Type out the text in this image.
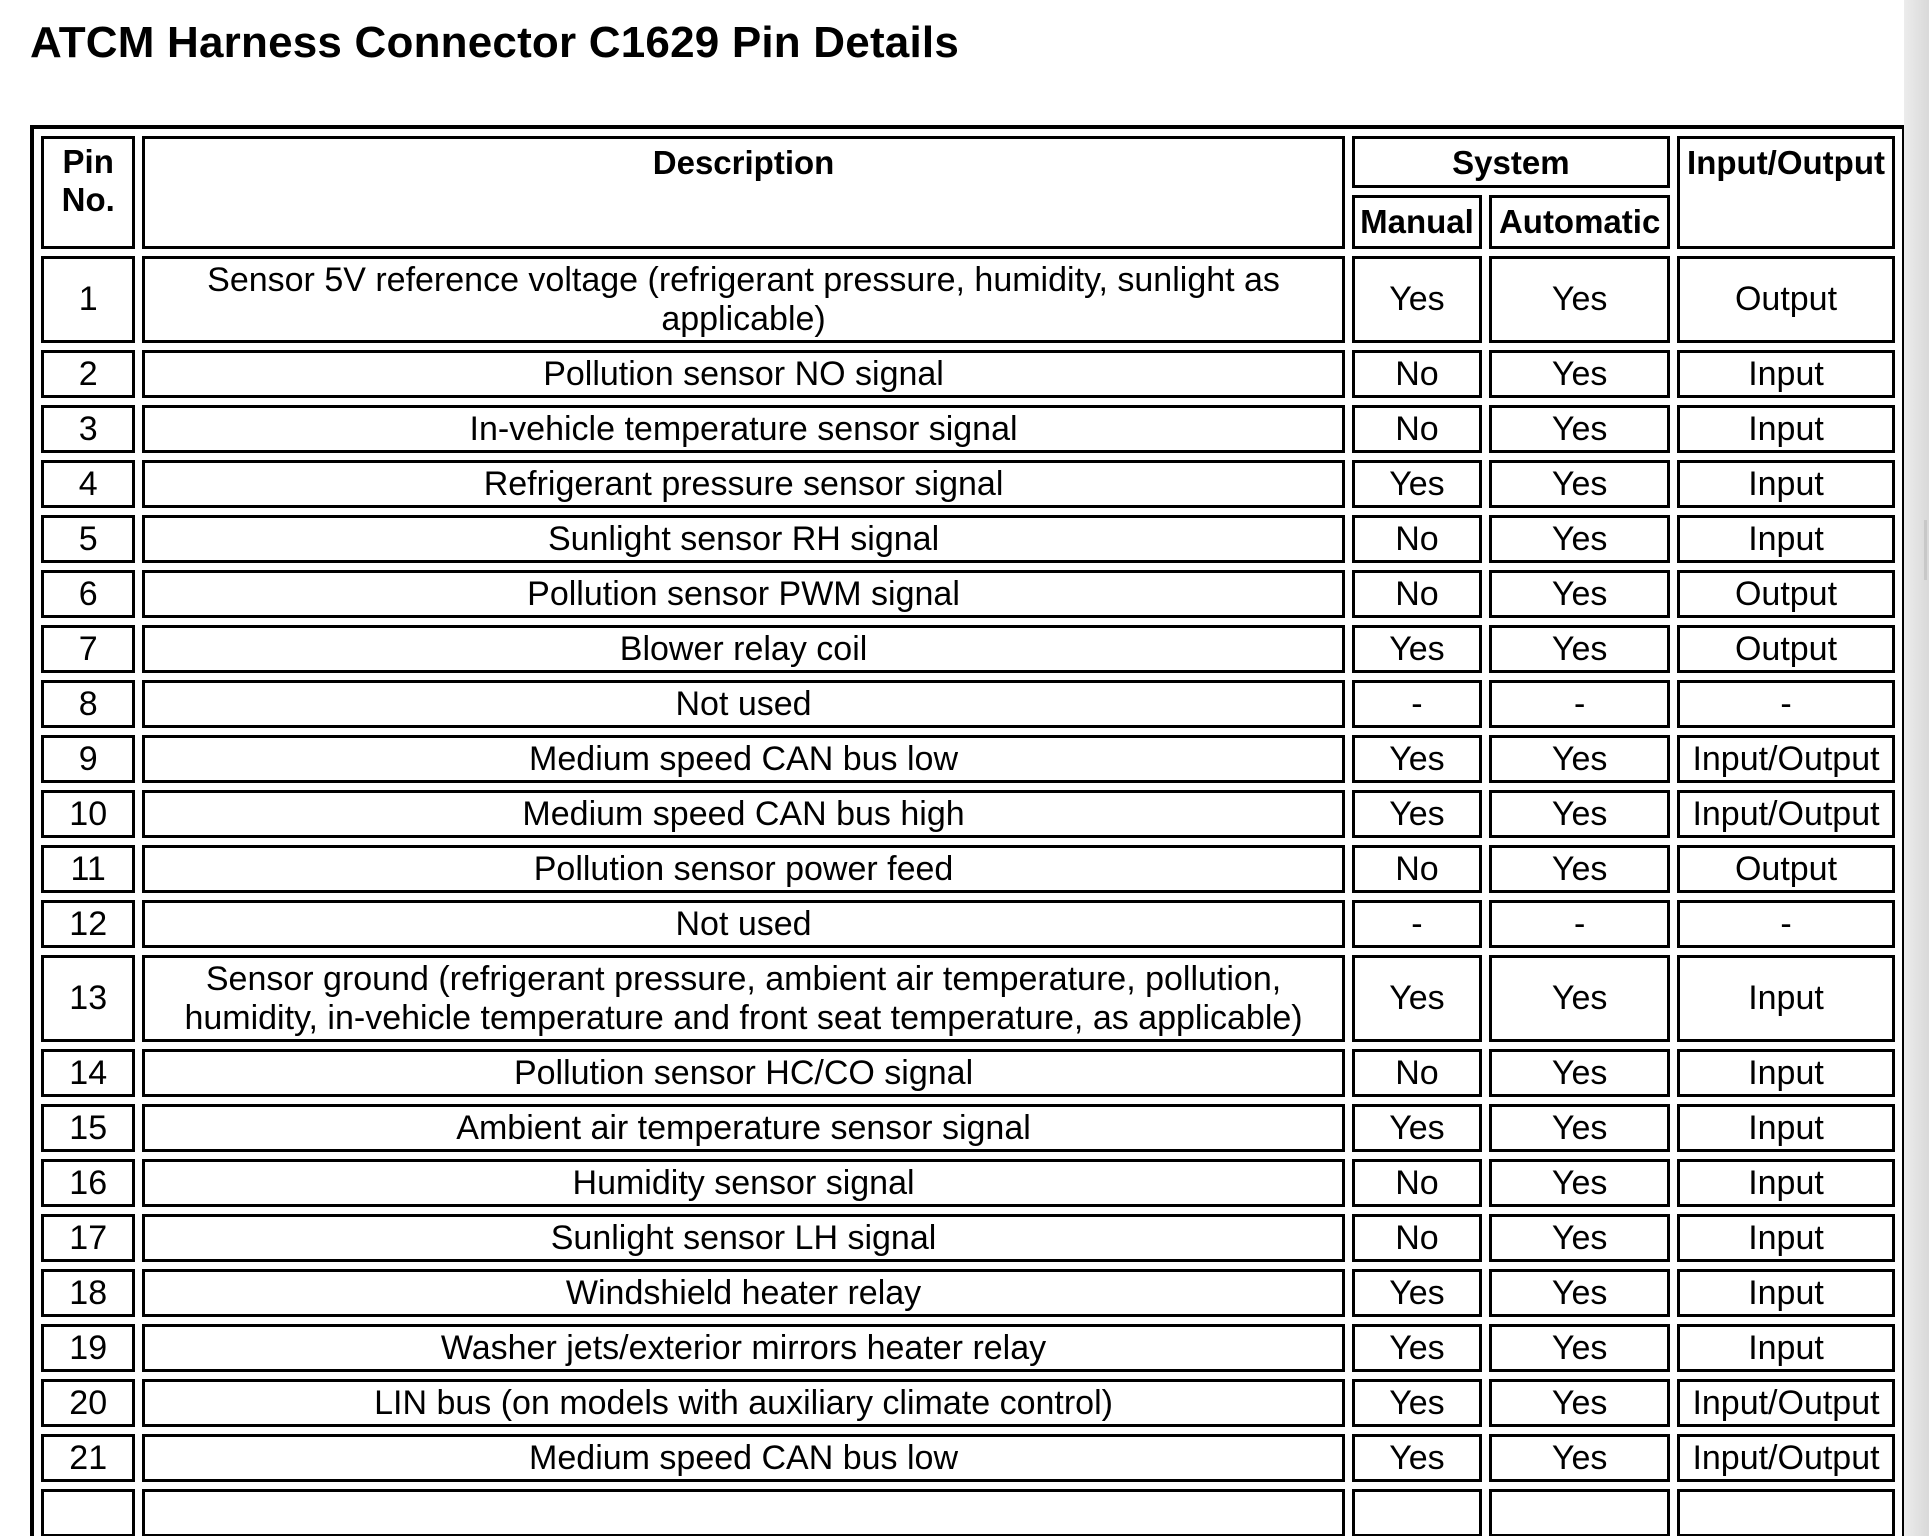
ATCM Harness Connector C1629 Pin Details
Pin No.	Description	System		Input/Output
		Manual	Automatic	
1	Sensor 5V reference voltage (refrigerant pressure, humidity, sunlight as applicable)	Yes	Yes	Output
2	Pollution sensor NO signal	No	Yes	Input
3	In-vehicle temperature sensor signal	No	Yes	Input
4	Refrigerant pressure sensor signal	Yes	Yes	Input
5	Sunlight sensor RH signal	No	Yes	Input
6	Pollution sensor PWM signal	No	Yes	Output
7	Blower relay coil	Yes	Yes	Output
8	Not used	-	-	-
9	Medium speed CAN bus low	Yes	Yes	Input/Output
10	Medium speed CAN bus high	Yes	Yes	Input/Output
11	Pollution sensor power feed	No	Yes	Output
12	Not used	-	-	-
13	Sensor ground (refrigerant pressure, ambient air temperature, pollution, humidity, in-vehicle temperature and front seat temperature, as applicable)	Yes	Yes	Input
14	Pollution sensor HC/CO signal	No	Yes	Input
15	Ambient air temperature sensor signal	Yes	Yes	Input
16	Humidity sensor signal	No	Yes	Input
17	Sunlight sensor LH signal	No	Yes	Input
18	Windshield heater relay	Yes	Yes	Input
19	Washer jets/exterior mirrors heater relay	Yes	Yes	Input
20	LIN bus (on models with auxiliary climate control)	Yes	Yes	Input/Output
21	Medium speed CAN bus low	Yes	Yes	Input/Output
